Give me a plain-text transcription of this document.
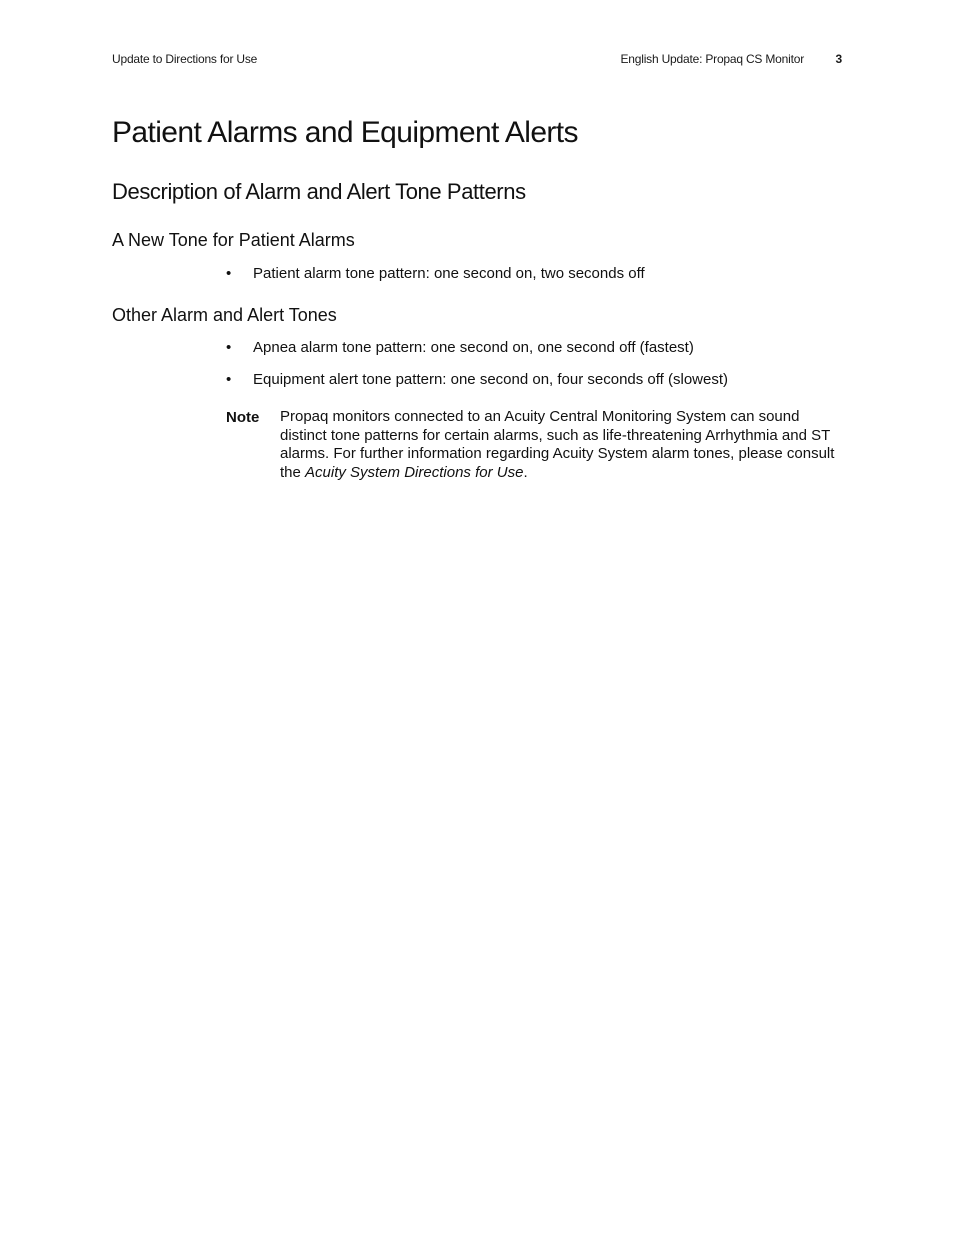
Update to Directions for Use	English Update: Propaq CS Monitor	3
Patient Alarms and Equipment Alerts
Description of Alarm and Alert Tone Patterns
A New Tone for Patient Alarms
• Patient alarm tone pattern: one second on, two seconds off
Other Alarm and Alert Tones
• Apnea alarm tone pattern: one second on, one second off (fastest)
• Equipment alert tone pattern: one second on, four seconds off (slowest)
Note Propaq monitors connected to an Acuity Central Monitoring System can sound distinct tone patterns for certain alarms, such as life-threatening Arrhythmia and ST alarms. For further information regarding Acuity System alarm tones, please consult the Acuity System Directions for Use.
